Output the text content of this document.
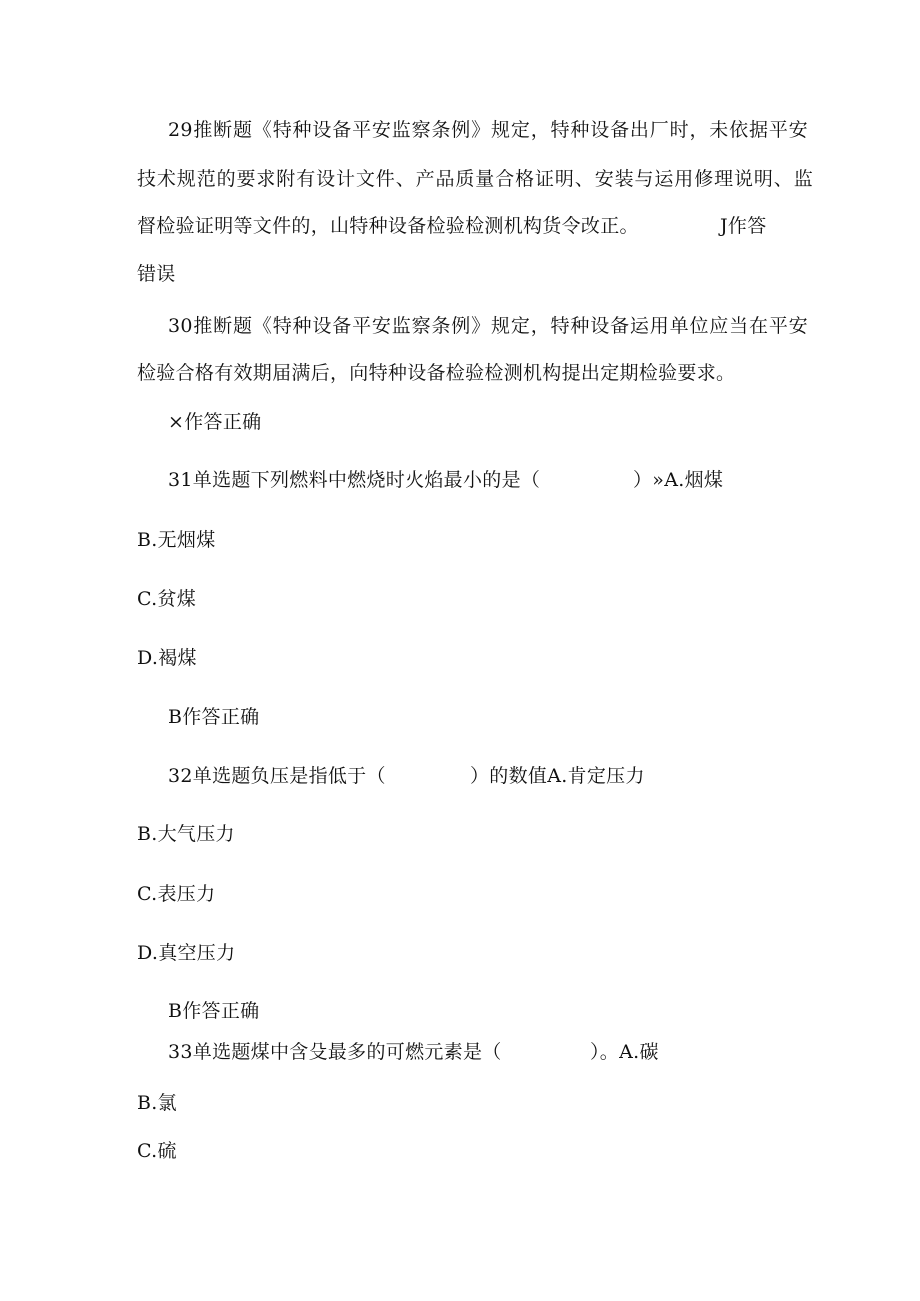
29推断题《特种设备平安监察条例》规定，特种设备出厂时，未依据平安
技术规范的要求附有设计文件、产品质量合格证明、安装与运用修理说明、监
督检验证明等文件的，山特种设备检验检测机构货令改正。	J作答
错误
30推断题《特种设备平安监察条例》规定，特种设备运用单位应当在平安
检验合格有效期届满后，向特种设备检验检测机构提出定期检验要求。
×作答正确
31单选题下列燃料中燃烧时火焰最小的是（	）»A.烟煤
B.无烟煤
C.贫煤
D.褐煤
B作答正确
32单选题负压是指低于（	）的数值A.肯定压力
B.大气压力
C.表压力
D.真空压力
B作答正确
33单选题煤中含殳最多的可燃元素是（	）。A.碳
B.氯
C.硫
